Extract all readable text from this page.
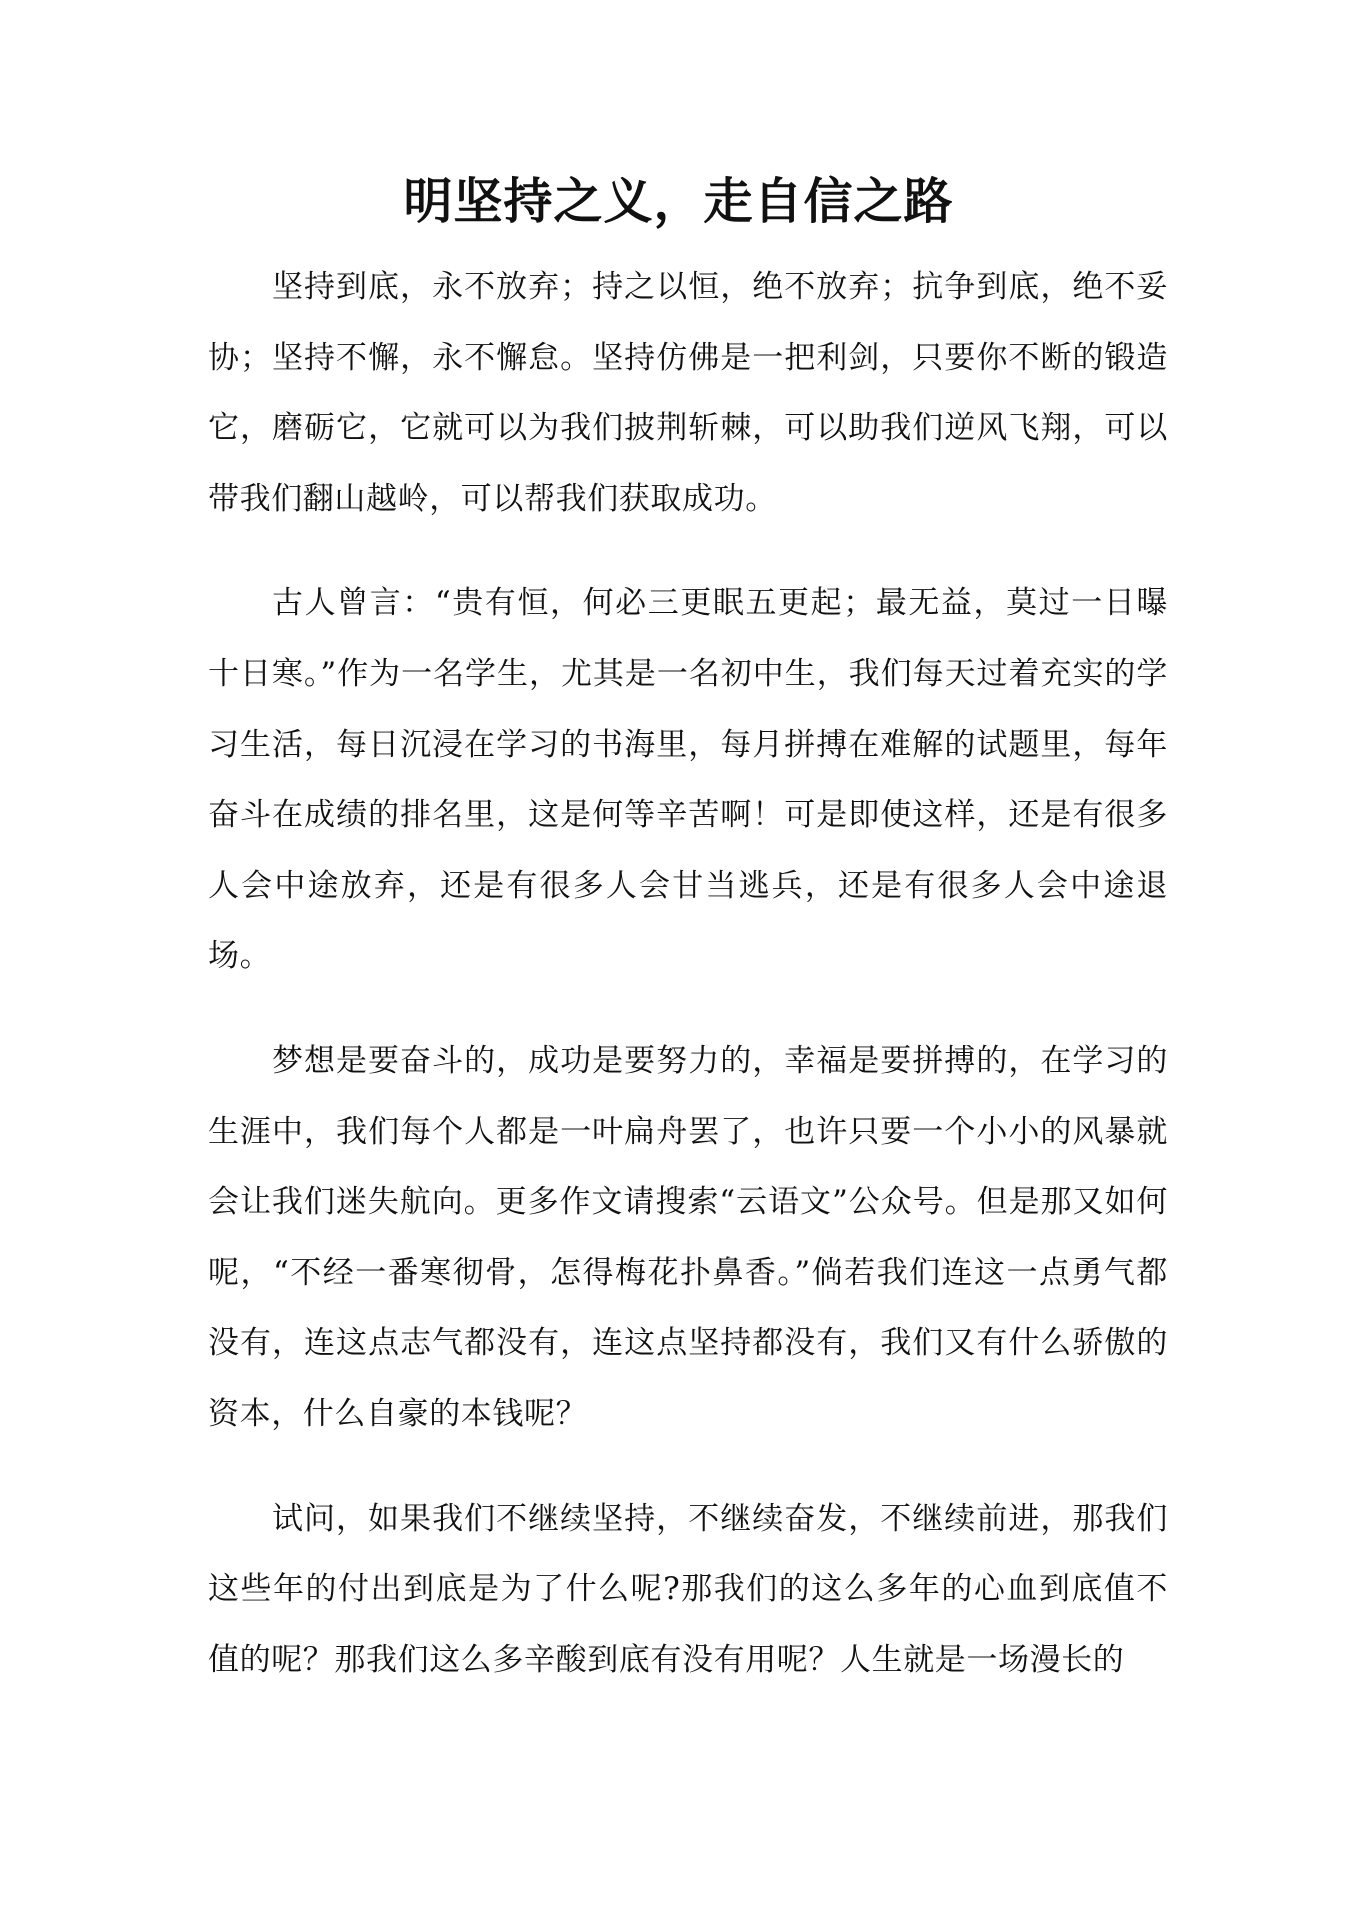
明坚持之义，走自信之路

坚持到底，永不放弃；持之以恒，绝不放弃；抗争到底，绝不妥协；坚持不懈，永不懈怠。坚持仿佛是一把利剑，只要你不断的锻造它，磨砺它，它就可以为我们披荆斩棘，可以助我们逆风飞翔，可以带我们翻山越岭，可以帮我们获取成功。

古人曾言：“贵有恒，何必三更眠五更起；最无益，莫过一日曝十日寒。”作为一名学生，尤其是一名初中生，我们每天过着充实的学习生活，每日沉浸在学习的书海里，每月拼搏在难解的试题里，每年奋斗在成绩的排名里，这是何等辛苦啊！可是即使这样，还是有很多人会中途放弃，还是有很多人会甘当逃兵，还是有很多人会中途退场。

梦想是要奋斗的，成功是要努力的，幸福是要拼搏的，在学习的生涯中，我们每个人都是一叶扁舟罢了，也许只要一个小小的风暴就会让我们迷失航向。更多作文请搜索“云语文”公众号。但是那又如何呢，“不经一番寒彻骨，怎得梅花扑鼻香。”倘若我们连这一点勇气都没有，连这点志气都没有，连这点坚持都没有，我们又有什么骄傲的资本，什么自豪的本钱呢？

试问，如果我们不继续坚持，不继续奋发，不继续前进，那我们这些年的付出到底是为了什么呢?那我们的这么多年的心血到底值不值的呢？那我们这么多辛酸到底有没有用呢？人生就是一场漫长的
